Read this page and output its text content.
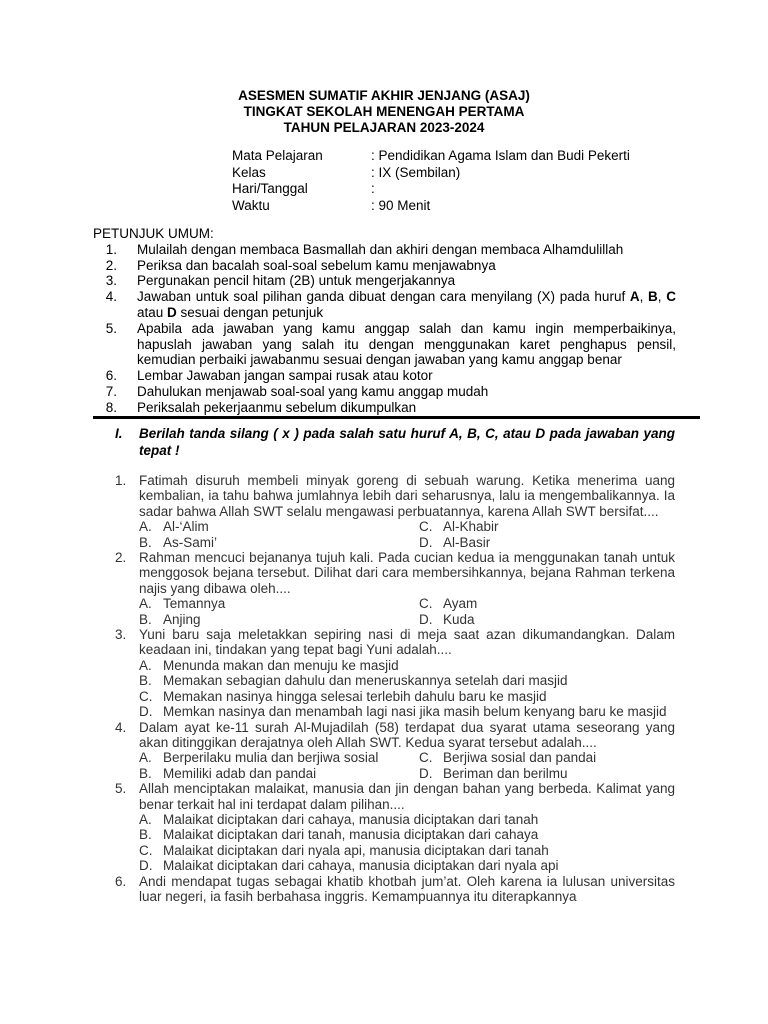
ASESMEN SUMATIF AKHIR JENJANG (ASAJ)
TINGKAT SEKOLAH MENENGAH PERTAMA
TAHUN PELAJARAN 2023-2024
Mata Pelajaran	: Pendidikan Agama Islam dan Budi Pekerti
Kelas	: IX (Sembilan)
Hari/Tanggal	:
Waktu	: 90 Menit
PETUNJUK UMUM:
1.	Mulailah dengan membaca Basmallah dan akhiri dengan membaca Alhamdulillah
2.	Periksa dan bacalah soal-soal sebelum kamu menjawabnya
3.	Pergunakan pencil hitam (2B) untuk mengerjakannya
4.	Jawaban untuk soal pilihan ganda dibuat dengan cara menyilang (X) pada huruf A, B, C atau D sesuai dengan petunjuk
5.	Apabila ada jawaban yang kamu anggap salah dan kamu ingin memperbaikinya, hapuslah jawaban yang salah itu dengan menggunakan karet penghapus pensil, kemudian perbaiki jawabanmu sesuai dengan jawaban yang kamu anggap benar
6.	Lembar Jawaban jangan sampai rusak atau kotor
7.	Dahulukan menjawab soal-soal yang kamu anggap mudah
8.	Periksalah pekerjaanmu sebelum dikumpulkan
I.	Berilah tanda silang ( x ) pada salah satu huruf A, B, C, atau D pada jawaban yang tepat !
1. Fatimah disuruh membeli minyak goreng di sebuah warung. Ketika menerima uang kembalian, ia tahu bahwa jumlahnya lebih dari seharusnya, lalu ia mengembalikannya. Ia sadar bahwa Allah SWT selalu mengawasi perbuatannya, karena Allah SWT bersifat....
A. Al-‘Alim	C. Al-Khabir
B. As-Sami’	D. Al-Basir
2. Rahman mencuci bejananya tujuh kali. Pada cucian kedua ia menggunakan tanah untuk menggosok bejana tersebut. Dilihat dari cara membersihkannya, bejana Rahman terkena najis yang dibawa oleh....
A. Temannya	C. Ayam
B. Anjing	D. Kuda
3. Yuni baru saja meletakkan sepiring nasi di meja saat azan dikumandangkan. Dalam keadaan ini, tindakan yang tepat bagi Yuni adalah....
A. Menunda makan dan menuju ke masjid
B. Memakan sebagian dahulu dan meneruskannya setelah dari masjid
C. Memakan nasinya hingga selesai terlebih dahulu baru ke masjid
D. Memkan nasinya dan menambah lagi nasi jika masih belum kenyang baru ke masjid
4. Dalam ayat ke-11 surah Al-Mujadilah (58) terdapat dua syarat utama seseorang yang akan ditinggikan derajatnya oleh Allah SWT. Kedua syarat tersebut adalah....
A. Berperilaku mulia dan berjiwa sosial	C. Berjiwa sosial dan pandai
B. Memiliki adab dan pandai	D. Beriman dan berilmu
5. Allah menciptakan malaikat, manusia dan jin dengan bahan yang berbeda. Kalimat yang benar terkait hal ini terdapat dalam pilihan....
A. Malaikat diciptakan dari cahaya, manusia diciptakan dari tanah
B. Malaikat diciptakan dari tanah, manusia diciptakan dari cahaya
C. Malaikat diciptakan dari nyala api, manusia diciptakan dari tanah
D. Malaikat diciptakan dari cahaya, manusia diciptakan dari nyala api
6. Andi mendapat tugas sebagai khatib khotbah jum’at. Oleh karena ia lulusan universitas luar negeri, ia fasih berbahasa inggris. Kemampuannya itu diterapkannya
